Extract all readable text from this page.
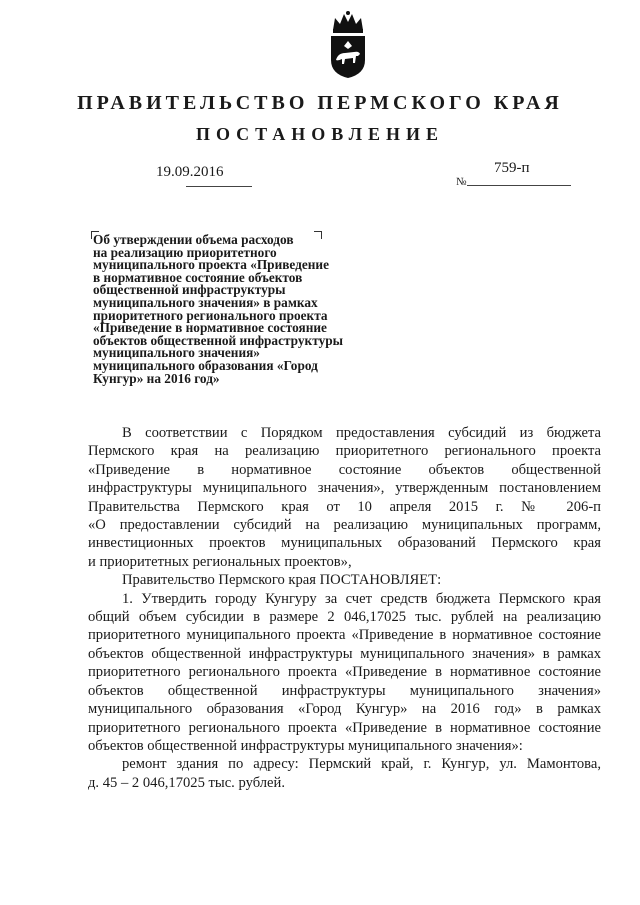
ПРАВИТЕЛЬСТВО ПЕРМСКОГО КРАЯ
ПОСТАНОВЛЕНИЕ
19.09.2016	759-п
№
Об утверждении объема расходов
на реализацию приоритетного
муниципального проекта «Приведение
в нормативное состояние объектов
общественной инфраструктуры
муниципального значения» в рамках
приоритетного регионального проекта
«Приведение в нормативное состояние
объектов общественной инфраструктуры
муниципального значения»
муниципального образования «Город
Кунгур» на 2016 год»
В соответствии с Порядком предоставления субсидий из бюджета
Пермского края на реализацию приоритетного регионального проекта
«Приведение в нормативное состояние объектов общественной
инфраструктуры муниципального значения», утвержденным постановлением
Правительства Пермского края от 10 апреля 2015 г. № 206-п
«О предоставлении субсидий на реализацию муниципальных программ,
инвестиционных проектов муниципальных образований Пермского края
и приоритетных региональных проектов»,
Правительство Пермского края ПОСТАНОВЛЯЕТ:
1. Утвердить городу Кунгуру за счет средств бюджета Пермского края
общий объем субсидии в размере 2 046,17025 тыс. рублей на реализацию
приоритетного муниципального проекта «Приведение в нормативное состояние
объектов общественной инфраструктуры муниципального значения» в рамках
приоритетного регионального проекта «Приведение в нормативное состояние
объектов общественной инфраструктуры муниципального значения»
муниципального образования «Город Кунгур» на 2016 год» в рамках
приоритетного регионального проекта «Приведение в нормативное состояние
объектов общественной инфраструктуры муниципального значения»:
ремонт здания по адресу: Пермский край, г. Кунгур, ул. Мамонтова,
д. 45 – 2 046,17025 тыс. рублей.
